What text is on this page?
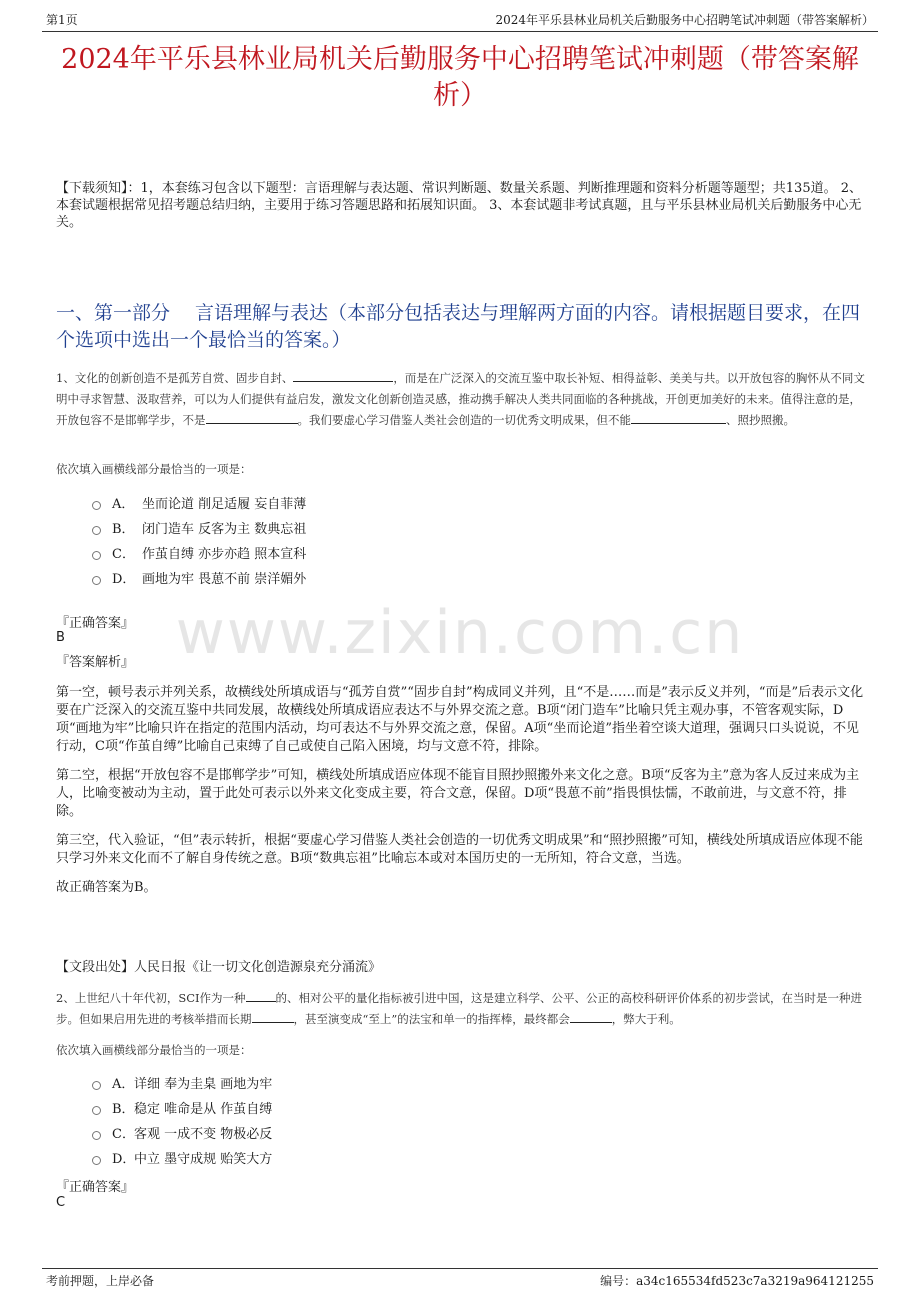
第1页	2024年平乐县林业局机关后勤服务中心招聘笔试冲刺题（带答案解析）
2024年平乐县林业局机关后勤服务中心招聘笔试冲刺题（带答案解析）
【下载须知】：1，本套练习包含以下题型：言语理解与表达题、常识判断题、数量关系题、判断推理题和资料分析题等题型；共135道。 2、本套试题根据常见招考题总结归纳，主要用于练习答题思路和拓展知识面。 3、本套试题非考试真题，且与平乐县林业局机关后勤服务中心无关。
一、第一部分　 言语理解与表达（本部分包括表达与理解两方面的内容。请根据题目要求，在四个选项中选出一个最恰当的答案。）
1、文化的创新创造不是孤芳自赏、固步自封、	，而是在广泛深入的交流互鉴中取长补短、相得益彰、美美与共。以开放包容的胸怀从不同文明中寻求智慧、汲取营养，可以为人们提供有益启发，激发文化创新创造灵感，推动携手解决人类共同面临的各种挑战，开创更加美好的未来。值得注意的是，开放包容不是邯郸学步，不是	。我们要虚心学习借鉴人类社会创造的一切优秀文明成果，但不能	、照抄照搬。
依次填入画横线部分最恰当的一项是：
A． 坐而论道 削足适履 妄自菲薄
B． 闭门造车 反客为主 数典忘祖
C． 作茧自缚 亦步亦趋 照本宣科
D． 画地为牢 畏葸不前 崇洋媚外
『正确答案』
B
『答案解析』

第一空，顿号表示并列关系，故横线处所填成语与“孤芳自赏”“固步自封”构成同义并列，且“不是……而是”表示反义并列，“而是”后表示文化要在广泛深入的交流互鉴中共同发展，故横线处所填成语应表达不与外界交流之意。B项“闭门造车”比喻只凭主观办事，不管客观实际，D项“画地为牢”比喻只许在指定的范围内活动，均可表达不与外界交流之意，保留。A项“坐而论道”指坐着空谈大道理，强调只口头说说，不见行动，C项“作茧自缚”比喻自己束缚了自己或使自己陷入困境，均与文意不符，排除。

第二空，根据“开放包容不是邯郸学步”可知，横线处所填成语应体现不能盲目照抄照搬外来文化之意。B项“反客为主”意为客人反过来成为主人，比喻变被动为主动，置于此处可表示以外来文化变成主要，符合文意，保留。D项“畏葸不前”指畏惧怯懦，不敢前进，与文意不符，排除。

第三空，代入验证，“但”表示转折，根据“要虚心学习借鉴人类社会创造的一切优秀文明成果”和“照抄照搬”可知，横线处所填成语应体现不能只学习外来文化而不了解自身传统之意。B项“数典忘祖”比喻忘本或对本国历史的一无所知，符合文意，当选。

故正确答案为B。

【文段出处】人民日报《让一切文化创造源泉充分涌流》
2、上世纪八十年代初，SCI作为一种	的、相对公平的量化指标被引进中国，这是建立科学、公平、公正的高校科研评价体系的初步尝试，在当时是一种进步。但如果启用先进的考核举措而长期	，甚至演变成“至上”的法宝和单一的指挥棒，最终都会	，弊大于利。
依次填入画横线部分最恰当的一项是：
A．详细 奉为圭臬 画地为牢
B．稳定 唯命是从 作茧自缚
C．客观 一成不变 物极必反
D．中立 墨守成规 贻笑大方
『正确答案』
C
www.zixin.com.cn
考前押题，上岸必备	编号：a34c165534fd523c7a3219a964121255
